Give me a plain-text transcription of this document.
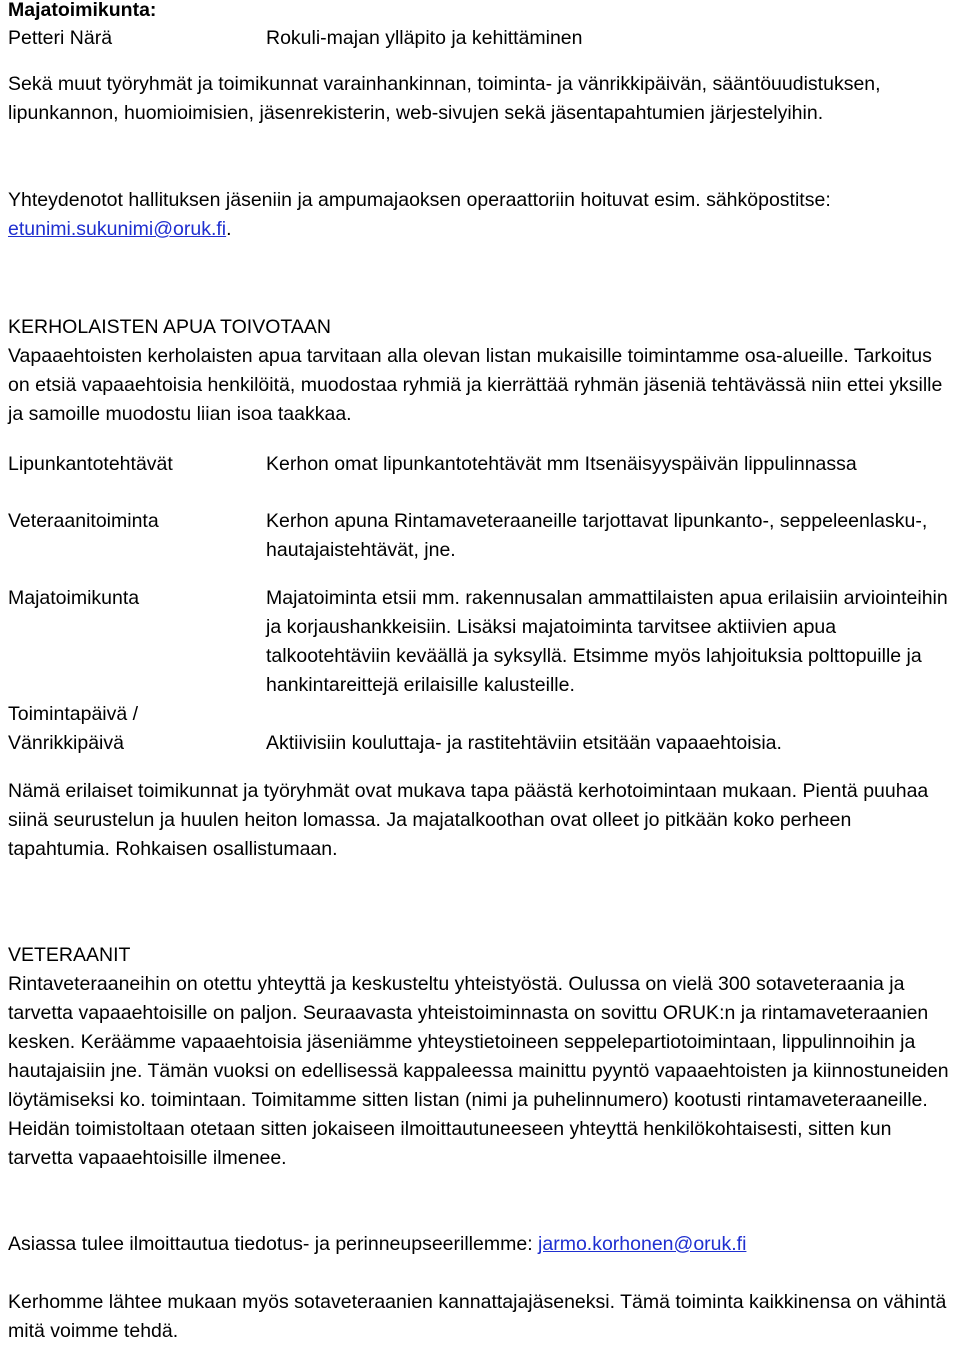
Majatoimikunta:
Petteri Närä	Rokuli-majan ylläpito ja kehittäminen

Sekä muut työryhmät ja toimikunnat varainhankinnan, toiminta- ja vänrikkipäivän, sääntöuudistuksen, lipunkannon, huomioimisien, jäsenrekisterin, web-sivujen sekä jäsentapahtumien järjestelyihin.

Yhteydenotot hallituksen jäseniin ja ampumajaoksen operaattoriin hoituvat esim. sähköpostitse:
etunimi.sukunimi@oruk.fi.

KERHOLAISTEN APUA TOIVOTAAN

Vapaaehtoisten kerholaisten apua tarvitaan alla olevan listan mukaisille toimintamme osa-alueille. Tarkoitus on etsiä vapaaehtoisia henkilöitä, muodostaa ryhmiä ja kierrättää ryhmän jäseniä tehtävässä niin ettei yksille ja samoille muodostu liian isoa taakkaa.

Lipunkantotehtävät	Kerhon omat lipunkantotehtävät mm Itsenäisyyspäivän lippulinnassa
Veteraanitoiminta	Kerhon apuna Rintamaveteraaneille tarjottavat lipunkanto-, seppeleenlasku-, hautajaistehtävät, jne.
Majatoimikunta	Majatoiminta etsii mm. rakennusalan ammattilaisten apua erilaisiin arviointeihin ja korjaushankkeisiin. Lisäksi majatoiminta tarvitsee aktiivien apua talkootehtäviin keväällä ja syksyllä. Etsimme myös lahjoituksia polttopuille ja hankintareittejä erilaisille kalusteille.
Toimintapäivä / Vänrikkipäivä	Aktiivisiin kouluttaja- ja rastitehtäviin etsitään vapaaehtoisia.

Nämä erilaiset toimikunnat ja työryhmät ovat mukava tapa päästä kerhotoimintaan mukaan. Pientä puuhaa siinä seurustelun ja huulen heiton lomassa. Ja majatalkoothan ovat olleet jo pitkään koko perheen tapahtumia. Rohkaisen osallistumaan.

VETERAANIT

Rintaveteraaneihin on otettu yhteyttä ja keskusteltu yhteistyöstä. Oulussa on vielä 300 sotaveteraania ja tarvetta vapaaehtoisille on paljon. Seuraavasta yhteistoiminnasta on sovittu ORUK:n ja rintamaveteraanien kesken. Keräämme vapaaehtoisia jäseniämme yhteystietoineen seppelepartiotoimintaan, lippulinnoihin ja hautajaisiin jne. Tämän vuoksi on edellisessä kappaleessa mainittu pyyntö vapaaehtoisten ja kiinnostuneiden löytämiseksi ko. toimintaan. Toimitamme sitten listan (nimi ja puhelinnumero) kootusti rintamaveteraaneille. Heidän toimistoltaan otetaan sitten jokaiseen ilmoittautuneeseen yhteyttä henkilökohtaisesti, sitten kun tarvetta vapaaehtoisille ilmenee.

Asiassa tulee ilmoittautua tiedotus- ja perinneupseerillemme: jarmo.korhonen@oruk.fi

Kerhomme lähtee mukaan myös sotaveteraanien kannattajajäseneksi. Tämä toiminta kaikkinensa on vähintä mitä voimme tehdä.
